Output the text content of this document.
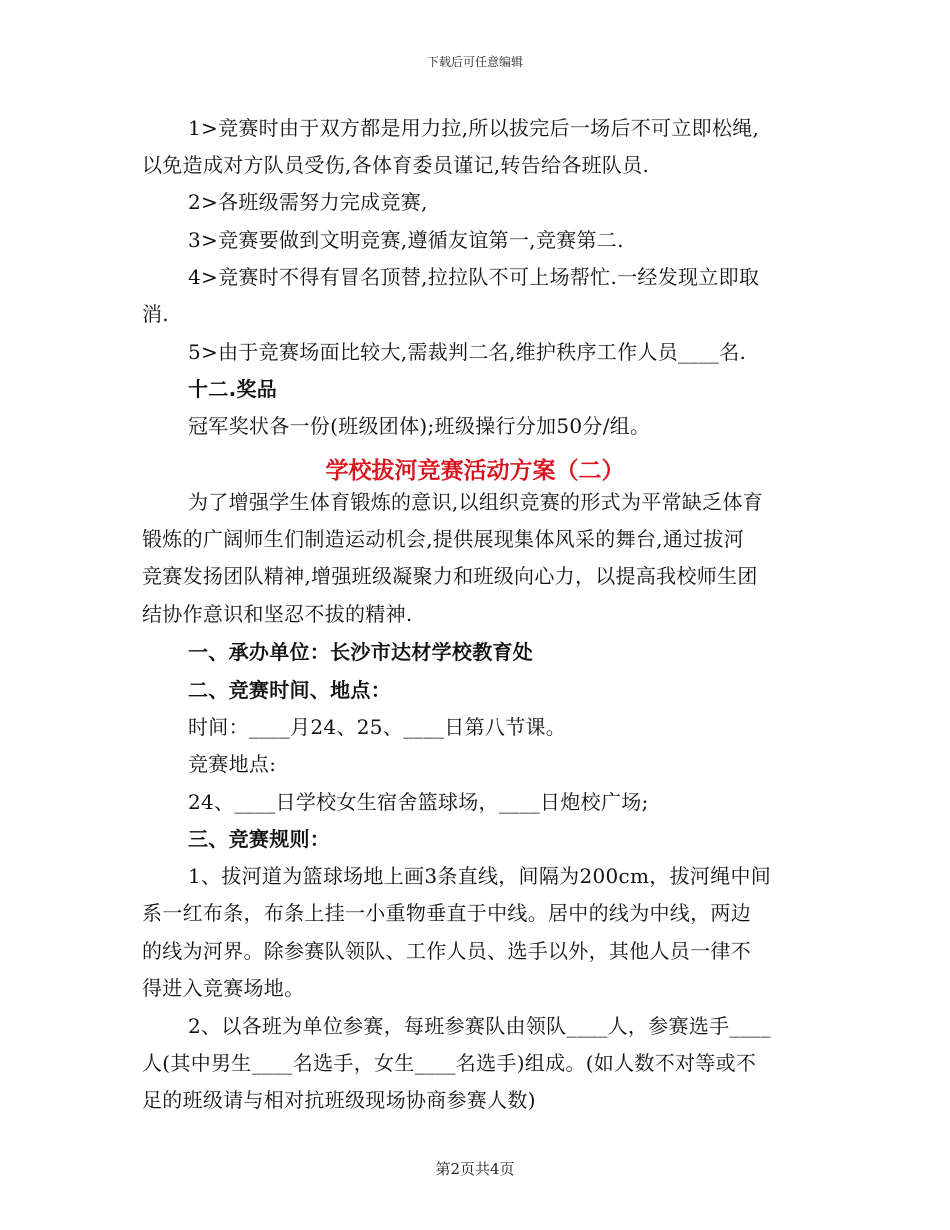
下载后可任意编辑
1>竞赛时由于双方都是用力拉,所以拔完后一场后不可立即松绳,
以免造成对方队员受伤,各体育委员谨记,转告给各班队员.
2>各班级需努力完成竞赛,
3>竞赛要做到文明竞赛,遵循友谊第一,竞赛第二.
4>竞赛时不得有冒名顶替,拉拉队不可上场帮忙.一经发现立即取
消.
5>由于竞赛场面比较大,需裁判二名,维护秩序工作人员____名.
十二.奖品
冠军奖状各一份(班级团体);班级操行分加50分/组。
学校拔河竞赛活动方案（二）
为了增强学生体育锻炼的意识,以组织竞赛的形式为平常缺乏体育
锻炼的广阔师生们制造运动机会,提供展现集体风采的舞台,通过拔河
竞赛发扬团队精神,增强班级凝聚力和班级向心力，以提高我校师生团
结协作意识和坚忍不拔的精神.
一、承办单位：长沙市达材学校教育处
二、竞赛时间、地点：
时间：____月24、25、____日第八节课。
竞赛地点:
24、____日学校女生宿舍篮球场，____日炮校广场;
三、竞赛规则：
1、拔河道为篮球场地上画3条直线，间隔为200cm，拔河绳中间
系一红布条，布条上挂一小重物垂直于中线。居中的线为中线，两边
的线为河界。除参赛队领队、工作人员、选手以外，其他人员一律不
得进入竞赛场地。
2、以各班为单位参赛，每班参赛队由领队____人，参赛选手____
人(其中男生____名选手，女生____名选手)组成。(如人数不对等或不
足的班级请与相对抗班级现场协商参赛人数)
第2页共4页
